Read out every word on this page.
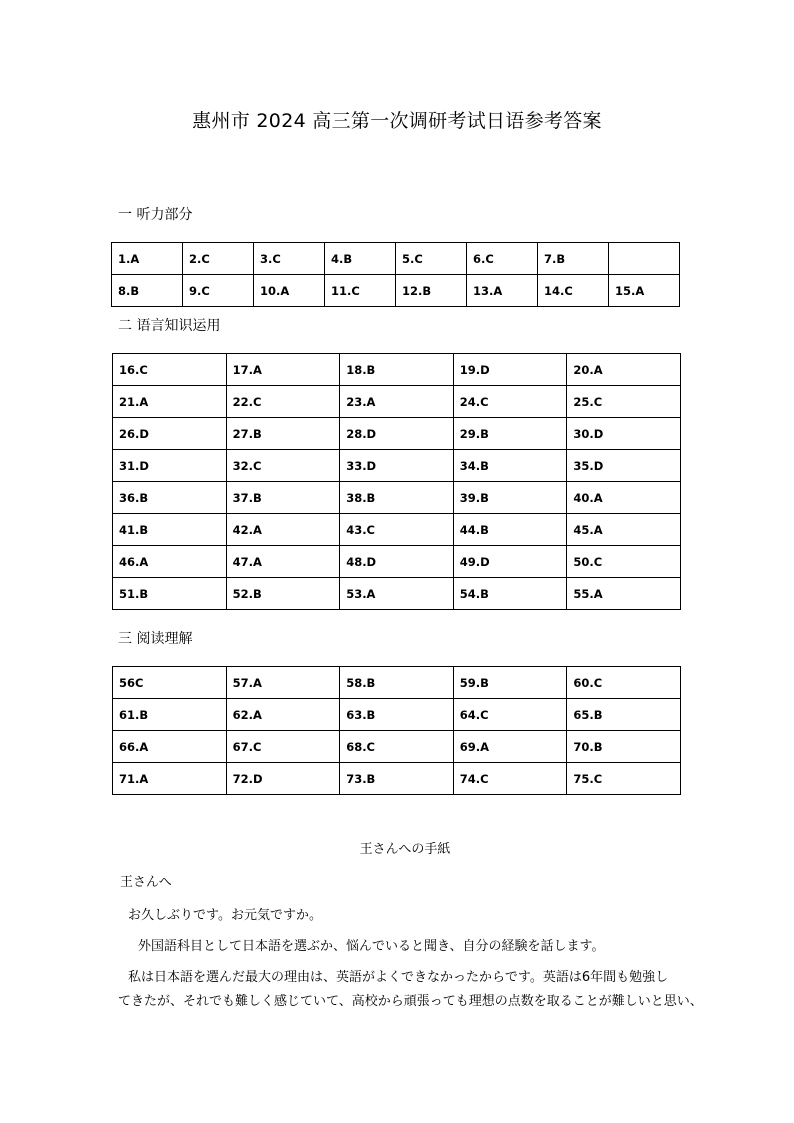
惠州市 2024 高三第一次调研考试日语参考答案
一 听力部分
1.A	2.C	3.C	4.B	5.C	6.C	7.B	
8.B	9.C	10.A	11.C	12.B	13.A	14.C	15.A
二 语言知识运用
16.C	17.A	18.B	19.D	20.A
21.A	22.C	23.A	24.C	25.C
26.D	27.B	28.D	29.B	30.D
31.D	32.C	33.D	34.B	35.D
36.B	37.B	38.B	39.B	40.A
41.B	42.A	43.C	44.B	45.A
46.A	47.A	48.D	49.D	50.C
51.B	52.B	53.A	54.B	55.A
三 阅读理解
56C	57.A	58.B	59.B	60.C
61.B	62.A	63.B	64.C	65.B
66.A	67.C	68.C	69.A	70.B
71.A	72.D	73.B	74.C	75.C
王さんへの手紙
王さんへ
お久しぶりです。お元気ですか。
外国語科目として日本語を選ぶか、悩んでいると聞き、自分の経験を話します。
私は日本語を選んだ最大の理由は、英語がよくできなかったからです。英語は6年間も勉強し
てきたが、それでも難しく感じていて、高校から頑張っても理想の点数を取ることが難しいと思い、
